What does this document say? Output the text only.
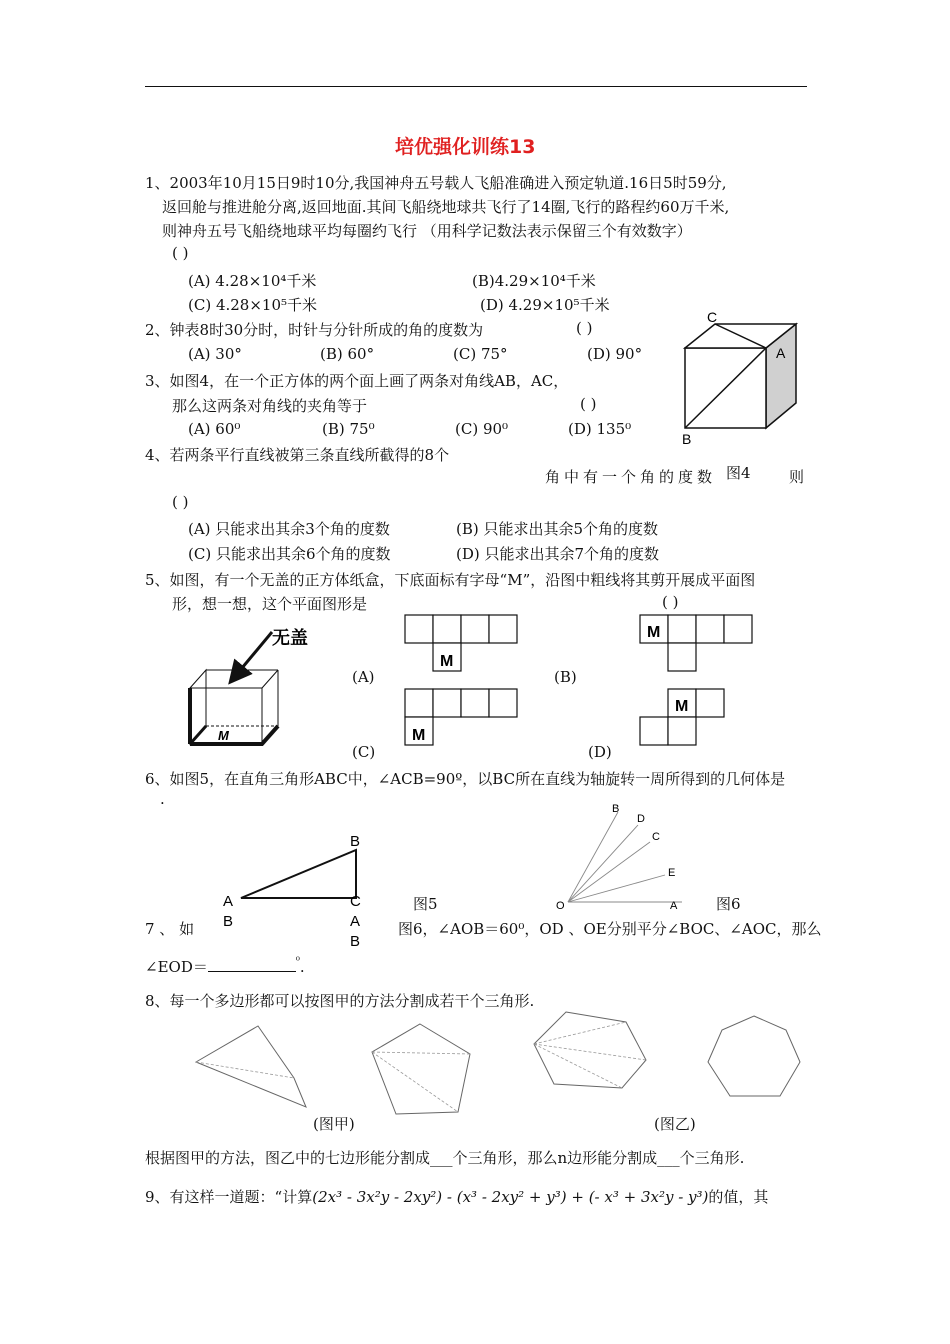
培优强化训练13
1、2003年10月15日9时10分,我国神舟五号载人飞船准确进入预定轨道.16日5时59分,
返回舱与推进舱分离,返回地面.其间飞船绕地球共飞行了14圈,飞行的路程约60万千米,
则神舟五号飞船绕地球平均每圈约飞行 （用科学记数法表示保留三个有效数字）
( )
(A) 4.28×10⁴千米	(B)4.29×10⁴千米
(C) 4.28×10⁵千米	(D) 4.29×10⁵千米
2、钟表8时30分时，时针与分针所成的角的度数为	( )
(A) 30°	(B) 60°	(C) 75°	(D) 90°
3、如图4，在一个正方体的两个面上画了两条对角线AB，AC，
那么这两条对角线的夹角等于	( )
(A) 60⁰	(B) 75⁰	(C) 90⁰	(D) 135⁰
C
A
B
4、若两条平行直线被第三条直线所截得的8个
角中有一个角的度数 图4	则
( )
(A) 只能求出其余3个角的度数	(B) 只能求出其余5个角的度数
(C) 只能求出其余6个角的度数	(D) 只能求出其余7个角的度数
5、如图，有一个无盖的正方体纸盒，下底面标有字母“M”，沿图中粗线将其剪开展成平面图
形，想一想，这个平面图形是	( )
无盖
M
(A)	(B)
(C)	(D)
M
M
M
M
6、如图5，在直角三角形ABC中，∠ACB=90º，以BC所在直线为轴旋转一周所得到的几何体是
.
B
A	C
B	A
B
图5
B
D
C
E
O	A	图6
7 、 如	图6，∠AOB＝60⁰，OD 、OE分别平分∠BOC、∠AOC，那么
∠EOD＝	$^{^0}$.
8、每一个多边形都可以按图甲的方法分割成若干个三角形.
(图甲)	(图乙)
根据图甲的方法，图乙中的七边形能分割成___个三角形，那么n边形能分割成___个三角形.
9、有这样一道题：“计算(2x³ - 3x²y - 2xy²) - (x³ - 2xy² + y³) + (- x³ + 3x²y - y³)的值，其
